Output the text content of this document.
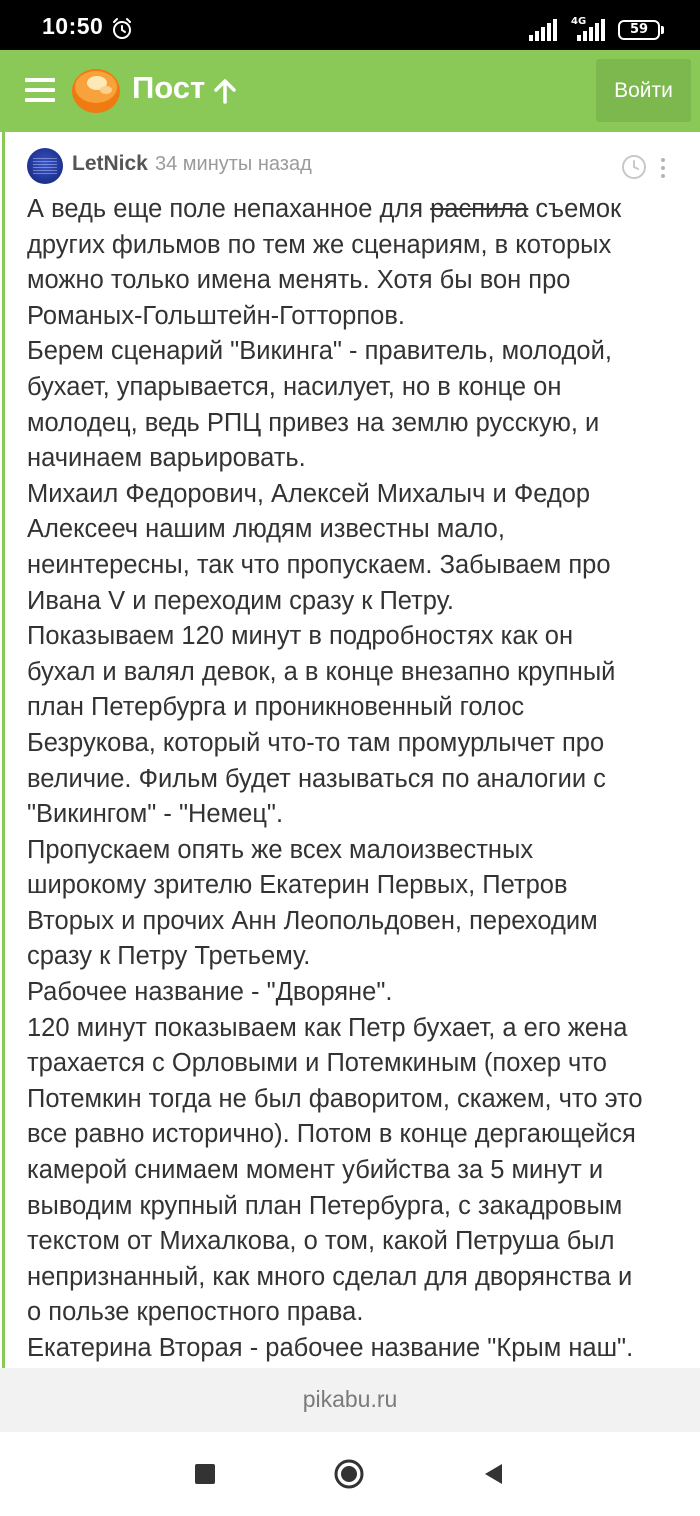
10:50	4G
59
Пост	Войти
LetNick 34 минуты назад

А ведь еще поле непаханное для распила съемок

других фильмов по тем же сценариям, в которых

можно только имена менять. Хотя бы вон про

Романых-Гольштейн-Готторпов.

Берем сценарий "Викинга" - правитель, молодой,

бухает, упарывается, насилует, но в конце он

молодец, ведь РПЦ привез на землю русскую, и

начинаем варьировать.

Михаил Федорович, Алексей Михалыч и Федор

Алексееч нашим людям известны мало,

неинтересны, так что пропускаем. Забываем про

Ивана V и переходим сразу к Петру.

Показываем 120 минут в подробностях как он

бухал и валял девок, а в конце внезапно крупный

план Петербурга и проникновенный голос

Безрукова, который что-то там промурлычет про

величие. Фильм будет называться по аналогии с

"Викингом" - "Немец".

Пропускаем опять же всех малоизвестных

широкому зрителю Екатерин Первых, Петров

Вторых и прочих Анн Леопольдовен, переходим

сразу к Петру Третьему.

Рабочее название - "Дворяне".

120 минут показываем как Петр бухает, а его жена

трахается с Орловыми и Потемкиным (похер что

Потемкин тогда не был фаворитом, скажем, что это

все равно исторично). Потом в конце дергающейся

камерой снимаем момент убийства за 5 минут и

выводим крупный план Петербурга, с закадровым

текстом от Михалкова, о том, какой Петруша был

непризнанный, как много сделал для дворянства и

о пользе крепостного права.

Екатерина Вторая - рабочее название "Крым наш".

pikabu.ru
